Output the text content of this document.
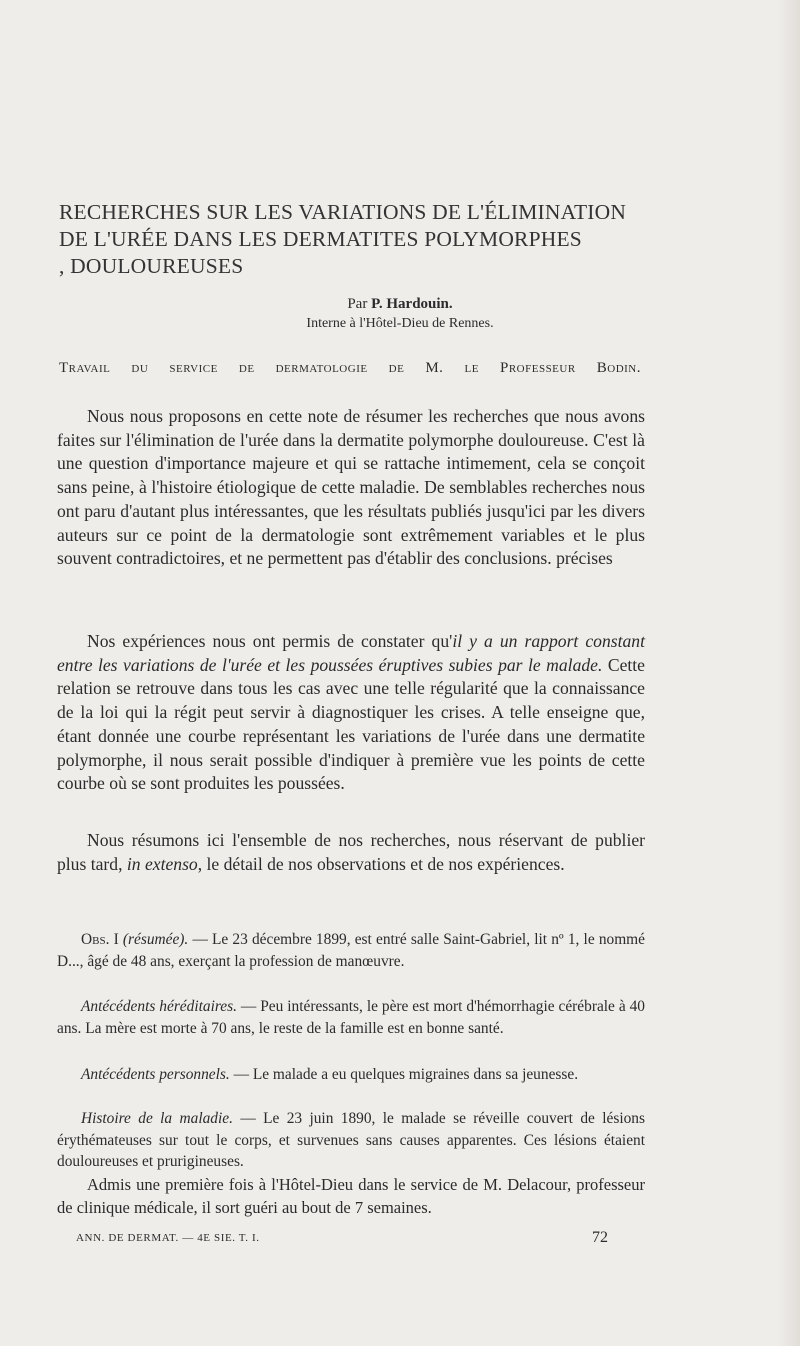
RECHERCHES SUR LES VARIATIONS DE L'ÉLIMINATION
DE L'URÉE DANS LES DERMATITES POLYMORPHES
, DOULOUREUSES
Par P. Hardouin.
Interne à l'Hôtel-Dieu de Rennes.
Travail du service de dermatologie de M. le Professeur Bodin.

Nous nous proposons en cette note de résumer les recherches que nous avons faites sur l'élimination de l'urée dans la dermatite polymorphe douloureuse. C'est là une question d'importance majeure et qui se rattache intimement, cela se conçoit sans peine, à l'histoire étiologique de cette maladie. De semblables recherches nous ont paru d'autant plus intéressantes, que les résultats publiés jusqu'ici par les divers auteurs sur ce point de la dermatologie sont extrêmement variables et le plus souvent contradictoires, et ne permettent pas d'établir des conclusions. précises

Nos expériences nous ont permis de constater qu'il y a un rapport constant entre les variations de l'urée et les poussées éruptives subies par le malade. Cette relation se retrouve dans tous les cas avec une telle régularité que la connaissance de la loi qui la régit peut servir à diagnostiquer les crises. A telle enseigne que, étant donnée une courbe représentant les variations de l'urée dans une dermatite polymorphe, il nous serait possible d'indiquer à première vue les points de cette courbe où se sont produites les poussées.

Nous résumons ici l'ensemble de nos recherches, nous réservant de publier plus tard, in extenso, le détail de nos observations et de nos expériences.

Obs. I (résumée). — Le 23 décembre 1899, est entré salle Saint-Gabriel, lit nº 1, le nommé D..., âgé de 48 ans, exerçant la profession de manœuvre.

Antécédents héréditaires. — Peu intéressants, le père est mort d'hémorrhagie cérébrale à 40 ans. La mère est morte à 70 ans, le reste de la famille est en bonne santé.

Antécédents personnels. — Le malade a eu quelques migraines dans sa jeunesse.

Histoire de la maladie. — Le 23 juin 1890, le malade se réveille couvert de lésions érythémateuses sur tout le corps, et survenues sans causes apparentes. Ces lésions étaient douloureuses et prurigineuses.

Admis une première fois à l'Hôtel-Dieu dans le service de M. Delacour, professeur de clinique médicale, il sort guéri au bout de 7 semaines.

ANN. DE DERMAT. — 4E SIE. T. I.	72
